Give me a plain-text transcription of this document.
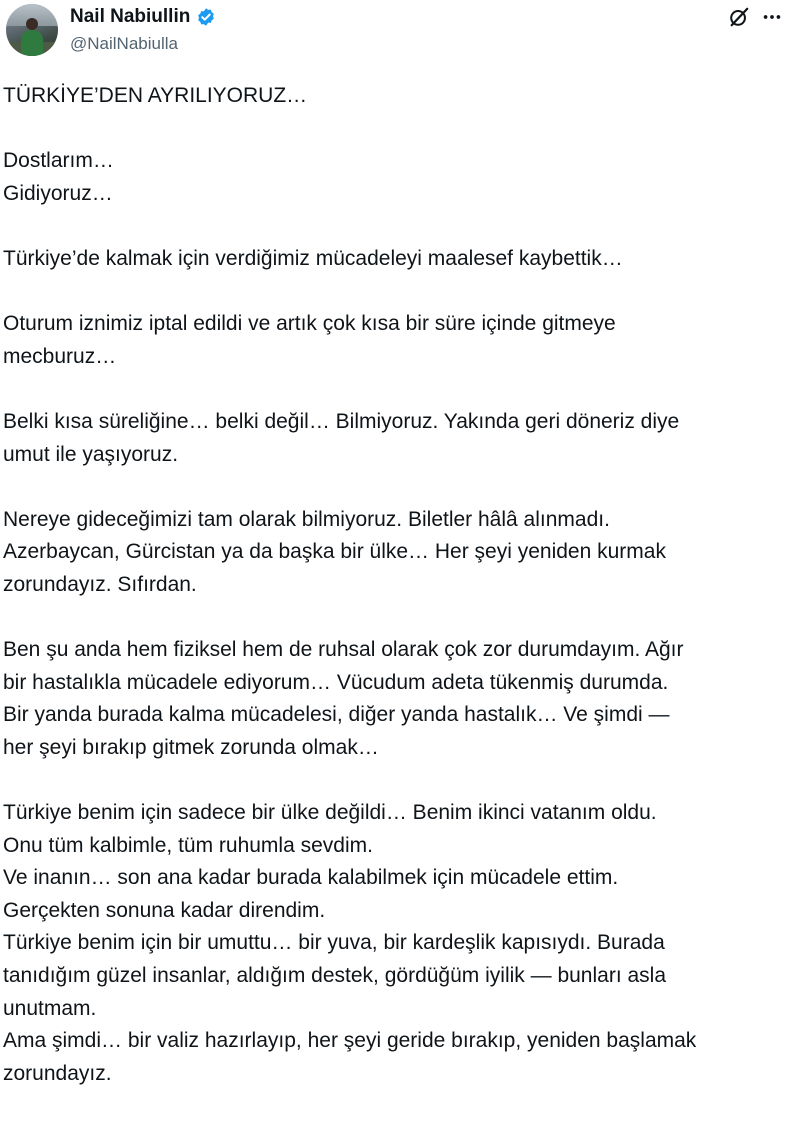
Nail Nabiullin
@NailNabiulla

TÜRKİYE’DEN AYRILIYORUZ…

Dostlarım…
Gidiyoruz…

Türkiye’de kalmak için verdiğimiz mücadeleyi maalesef kaybettik…

Oturum iznimiz iptal edildi ve artık çok kısa bir süre içinde gitmeye
mecburuz…

Belki kısa süreliğine… belki değil… Bilmiyoruz. Yakında geri döneriz diye
umut ile yaşıyoruz.

Nereye gideceğimizi tam olarak bilmiyoruz. Biletler hâlâ alınmadı.
Azerbaycan, Gürcistan ya da başka bir ülke… Her şeyi yeniden kurmak
zorundayız. Sıfırdan.

Ben şu anda hem fiziksel hem de ruhsal olarak çok zor durumdayım. Ağır
bir hastalıkla mücadele ediyorum… Vücudum adeta tükenmiş durumda.
Bir yanda burada kalma mücadelesi, diğer yanda hastalık… Ve şimdi —
her şeyi bırakıp gitmek zorunda olmak…

Türkiye benim için sadece bir ülke değildi… Benim ikinci vatanım oldu.
Onu tüm kalbimle, tüm ruhumla sevdim.
Ve inanın… son ana kadar burada kalabilmek için mücadele ettim.
Gerçekten sonuna kadar direndim.
Türkiye benim için bir umuttu… bir yuva, bir kardeşlik kapısıydı. Burada
tanıdığım güzel insanlar, aldığım destek, gördüğüm iyilik — bunları asla
unutmam.
Ama şimdi… bir valiz hazırlayıp, her şeyi geride bırakıp, yeniden başlamak
zorundayız.
